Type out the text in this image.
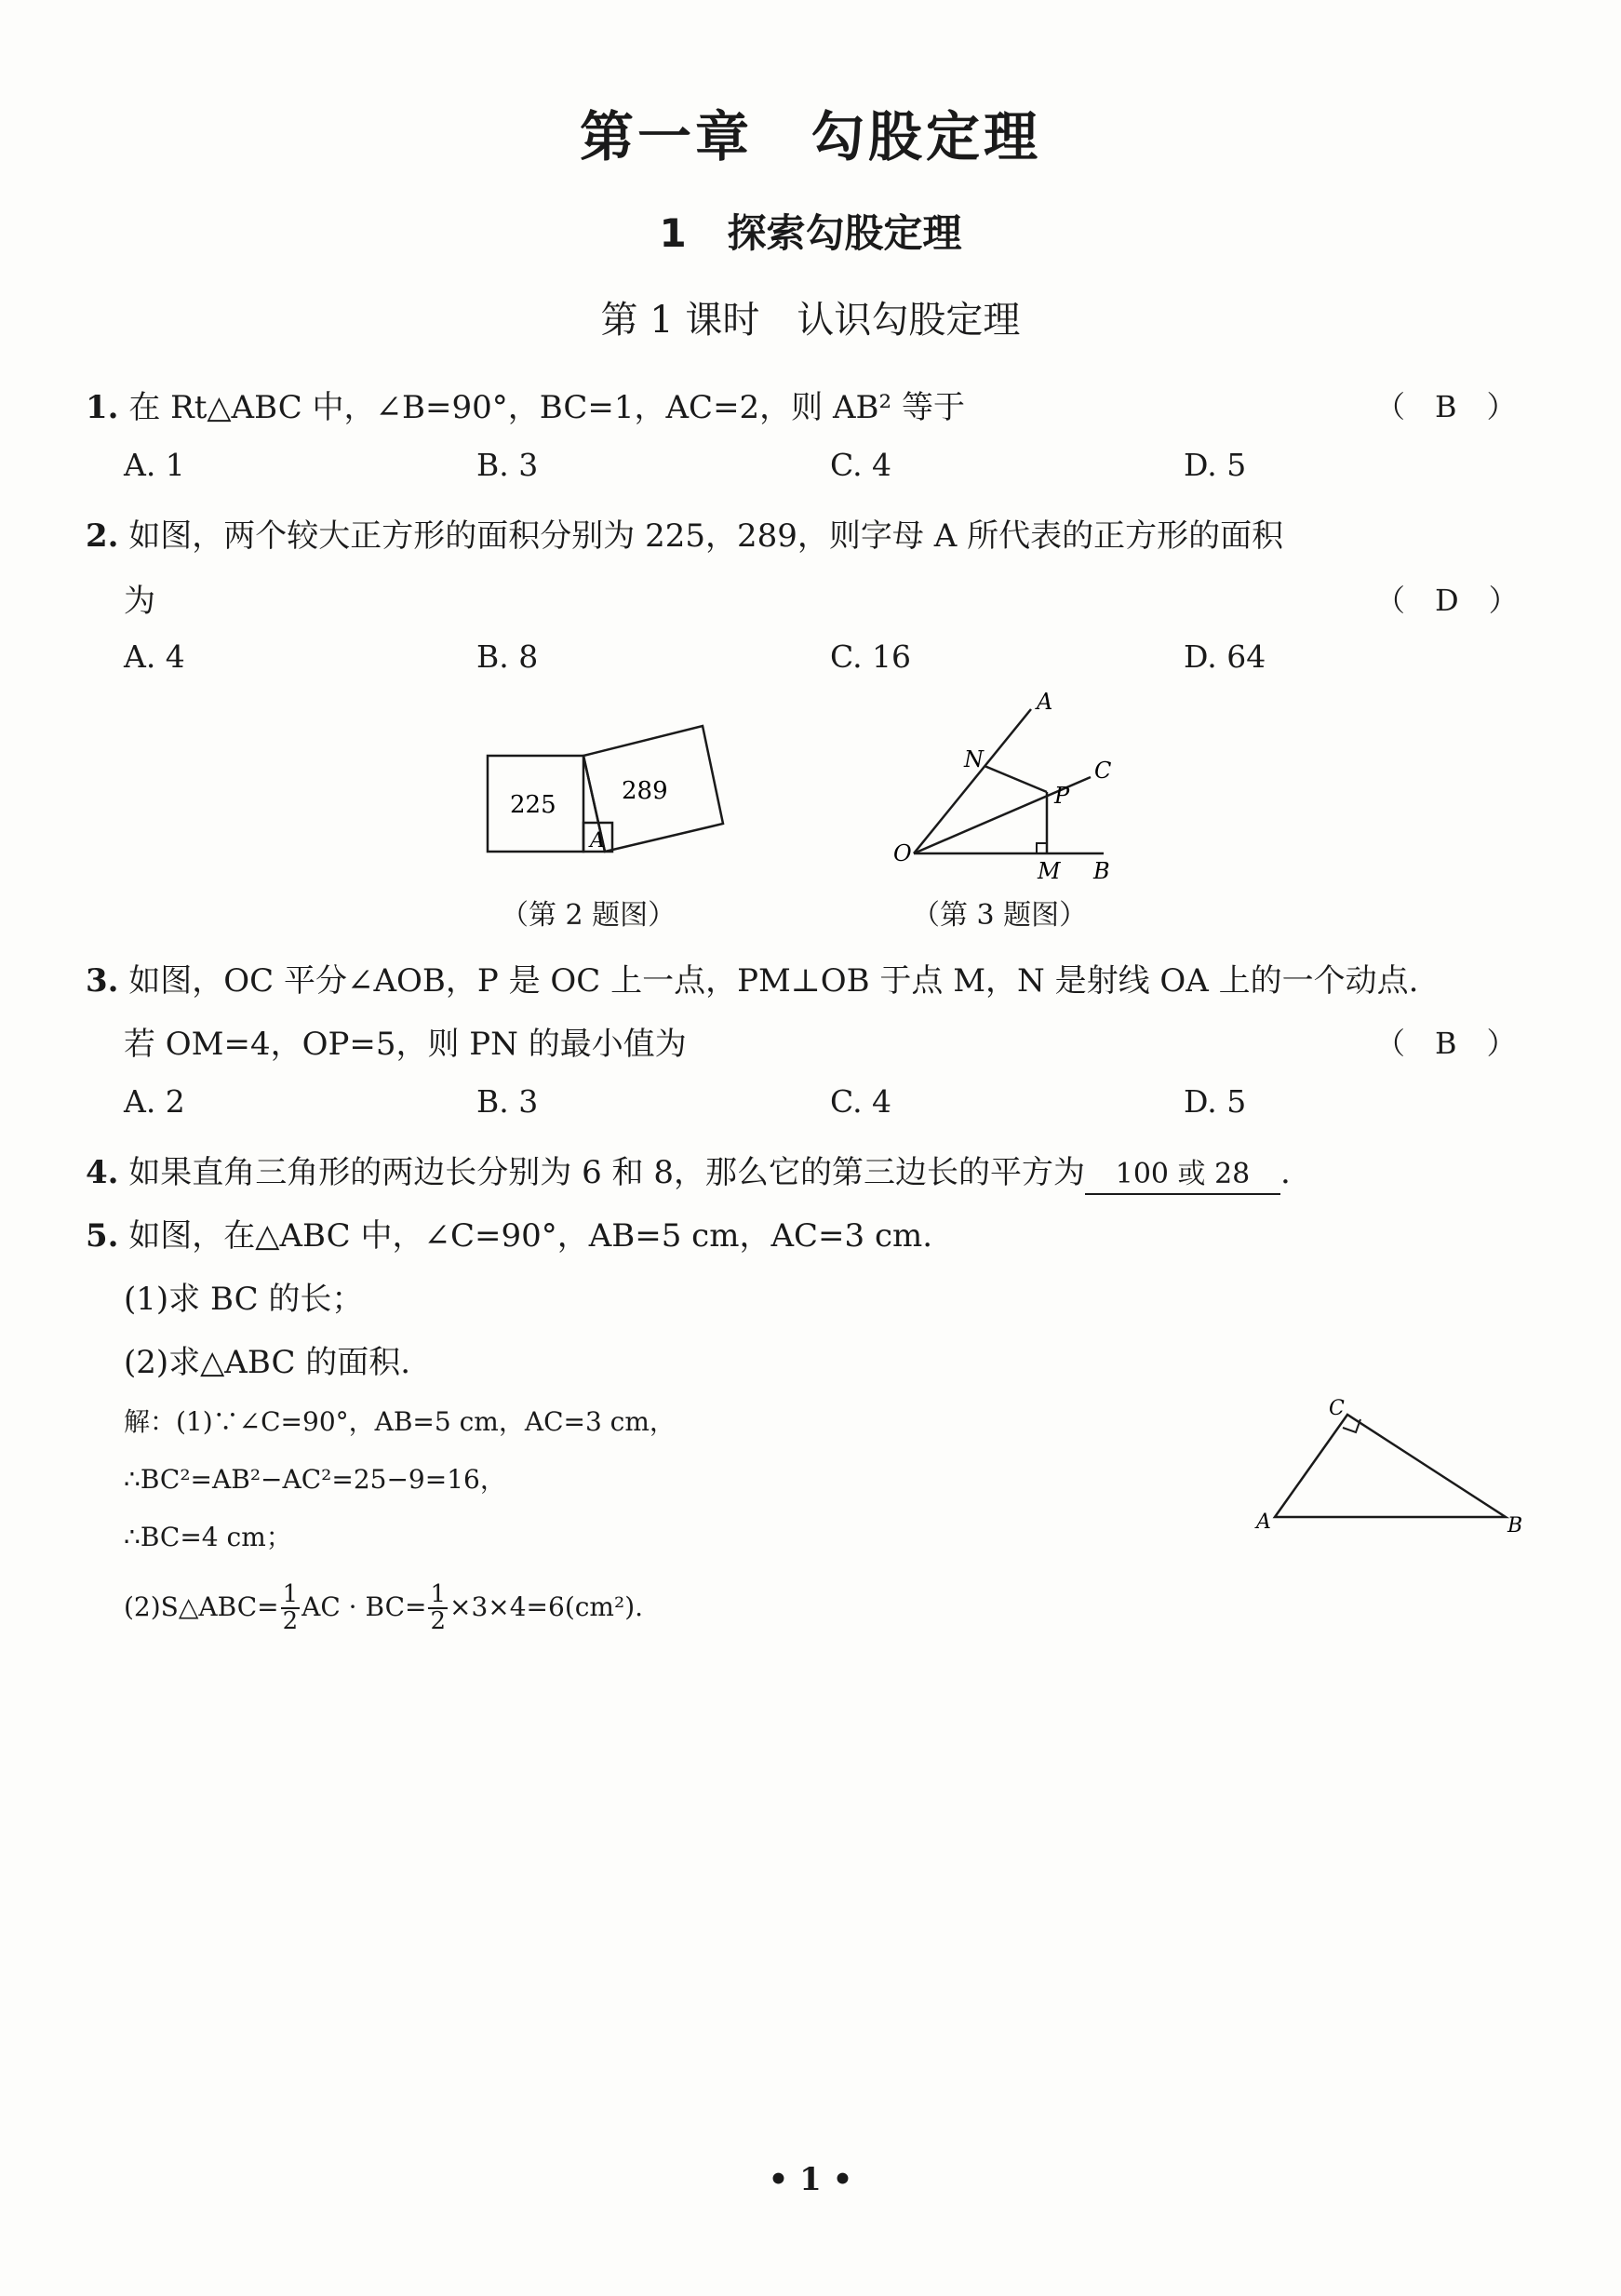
第一章　勾股定理
1 探索勾股定理
第 1 课时　认识勾股定理
1. 在 Rt△ABC 中，∠B=90°，BC=1，AC=2，则 AB² 等于	（　B　）
A. 1	B. 3	C. 4	D. 5
2. 如图，两个较大正方形的面积分别为 225，289，则字母 A 所代表的正方形的面积
为	（　D　）
A. 4	B. 8	C. 16	D. 64
225	289
A
（第 2 题图）
A
N	C
P
O
M B
（第 3 题图）
3. 如图，OC 平分∠AOB，P 是 OC 上一点，PM⊥OB 于点 M，N 是射线 OA 上的一个动点.
若 OM=4，OP=5，则 PN 的最小值为	（　B　）
A. 2	B. 3	C. 4	D. 5
4. 如果直角三角形的两边长分别为 6 和 8，那么它的第三边长的平方为 100 或 28 .
5. 如图，在△ABC 中，∠C=90°，AB=5 cm，AC=3 cm.
(1)求 BC 的长；
(2)求△ABC 的面积.
解：(1)∵∠C=90°，AB=5 cm，AC=3 cm，
∴BC²=AB²−AC²=25−9=16，
∴BC=4 cm；
(2)S△ABC= $\frac{1}{2}$ AC · $BC= \frac{1}{2} \times 3\times 4=6(cm^2)$.
A	B
C
• 1 •
